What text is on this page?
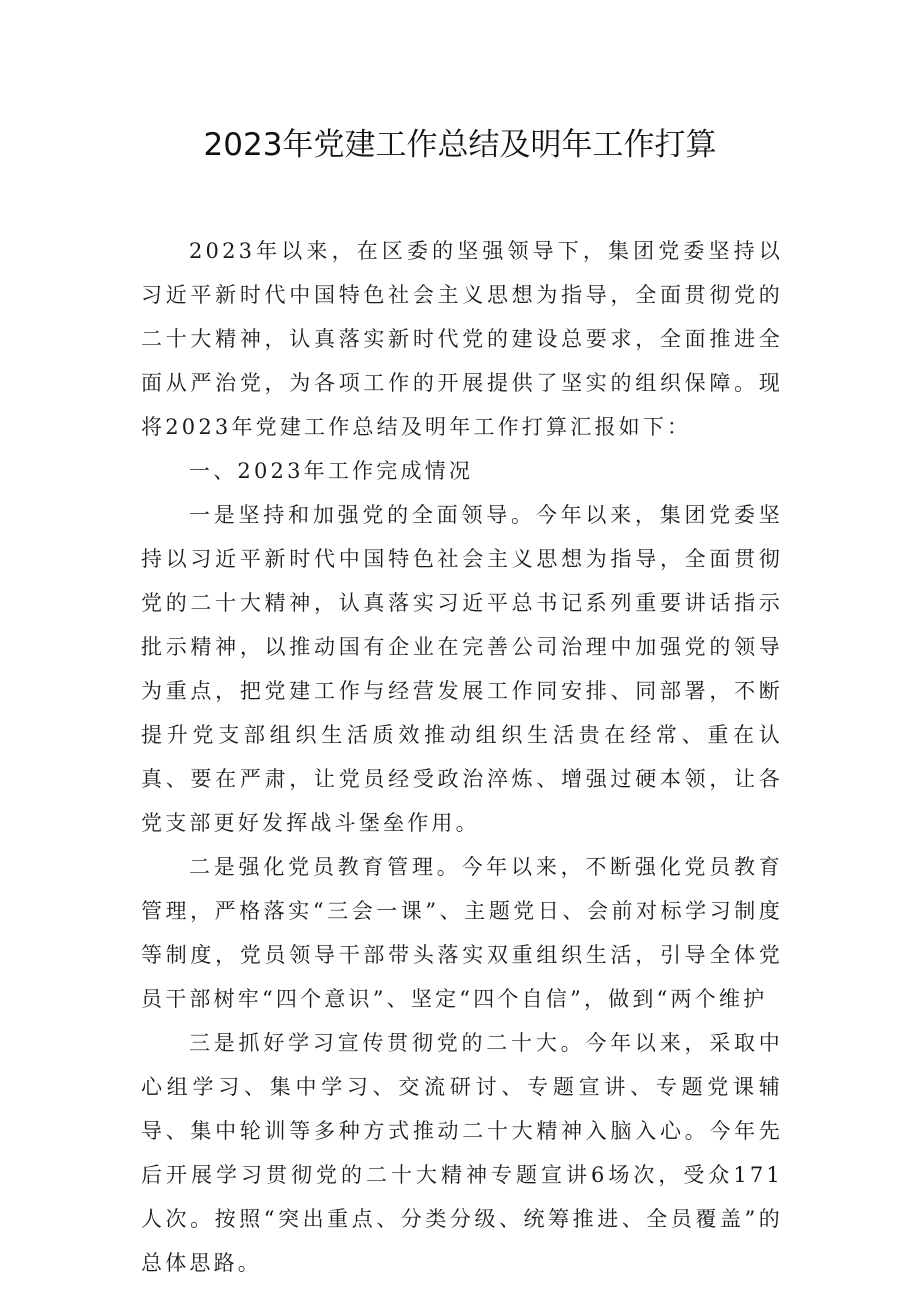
2023年党建工作总结及明年工作打算

2023年以来，在区委的坚强领导下，集团党委坚持以习近平新时代中国特色社会主义思想为指导，全面贯彻党的二十大精神，认真落实新时代党的建设总要求，全面推进全面从严治党，为各项工作的开展提供了坚实的组织保障。现将2023年党建工作总结及明年工作打算汇报如下：

一、2023年工作完成情况

一是坚持和加强党的全面领导。今年以来，集团党委坚持以习近平新时代中国特色社会主义思想为指导，全面贯彻党的二十大精神，认真落实习近平总书记系列重要讲话指示批示精神，以推动国有企业在完善公司治理中加强党的领导为重点，把党建工作与经营发展工作同安排、同部署，不断提升党支部组织生活质效推动组织生活贵在经常、重在认真、要在严肃，让党员经受政治淬炼、增强过硬本领，让各党支部更好发挥战斗堡垒作用。

二是强化党员教育管理。今年以来，不断强化党员教育管理，严格落实“三会一课”、主题党日、会前对标学习制度等制度，党员领导干部带头落实双重组织生活，引导全体党员干部树牢“四个意识”、坚定“四个自信”，做到“两个维护

三是抓好学习宣传贯彻党的二十大。今年以来，采取中心组学习、集中学习、交流研讨、专题宣讲、专题党课辅导、集中轮训等多种方式推动二十大精神入脑入心。今年先后开展学习贯彻党的二十大精神专题宣讲6场次，受众171人次。按照“突出重点、分类分级、统筹推进、全员覆盖”的总体思路。
